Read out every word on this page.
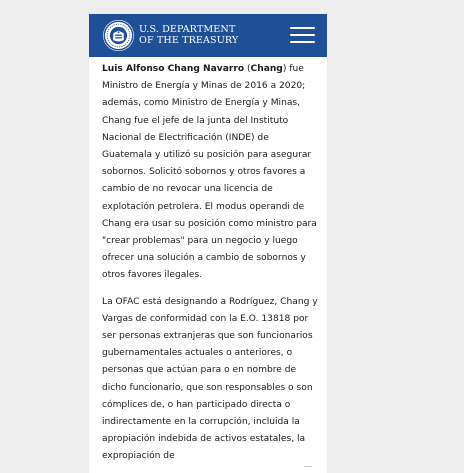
U.S. DEPARTMENT
OF THE TREASURY

Luis Alfonso Chang Navarro (Chang) fue Ministro de Energía y Minas de 2016 a 2020; además, como Ministro de Energía y Minas, Chang fue el jefe de la junta del Instituto Nacional de Electrificación (INDE) de Guatemala y utilizó su posición para asegurar sobornos. Solicitó sobornos y otros favores a cambio de no revocar una licencia de explotación petrolera. El modus operandi de Chang era usar su posición como ministro para "crear problemas" para un negocio y luego ofrecer una solución a cambio de sobornos y otros favores ilegales.

La OFAC está designando a Rodríguez, Chang y Vargas de conformidad con la E.O. 13818 por ser personas extranjeras que son funcionarios gubernamentales actuales o anteriores, o personas que actúan para o en nombre de dicho funcionario, que son responsables o son cómplices de, o han participado directa o indirectamente en la corrupción, incluida la apropiación indebida de activos estatales, la expropiación de
